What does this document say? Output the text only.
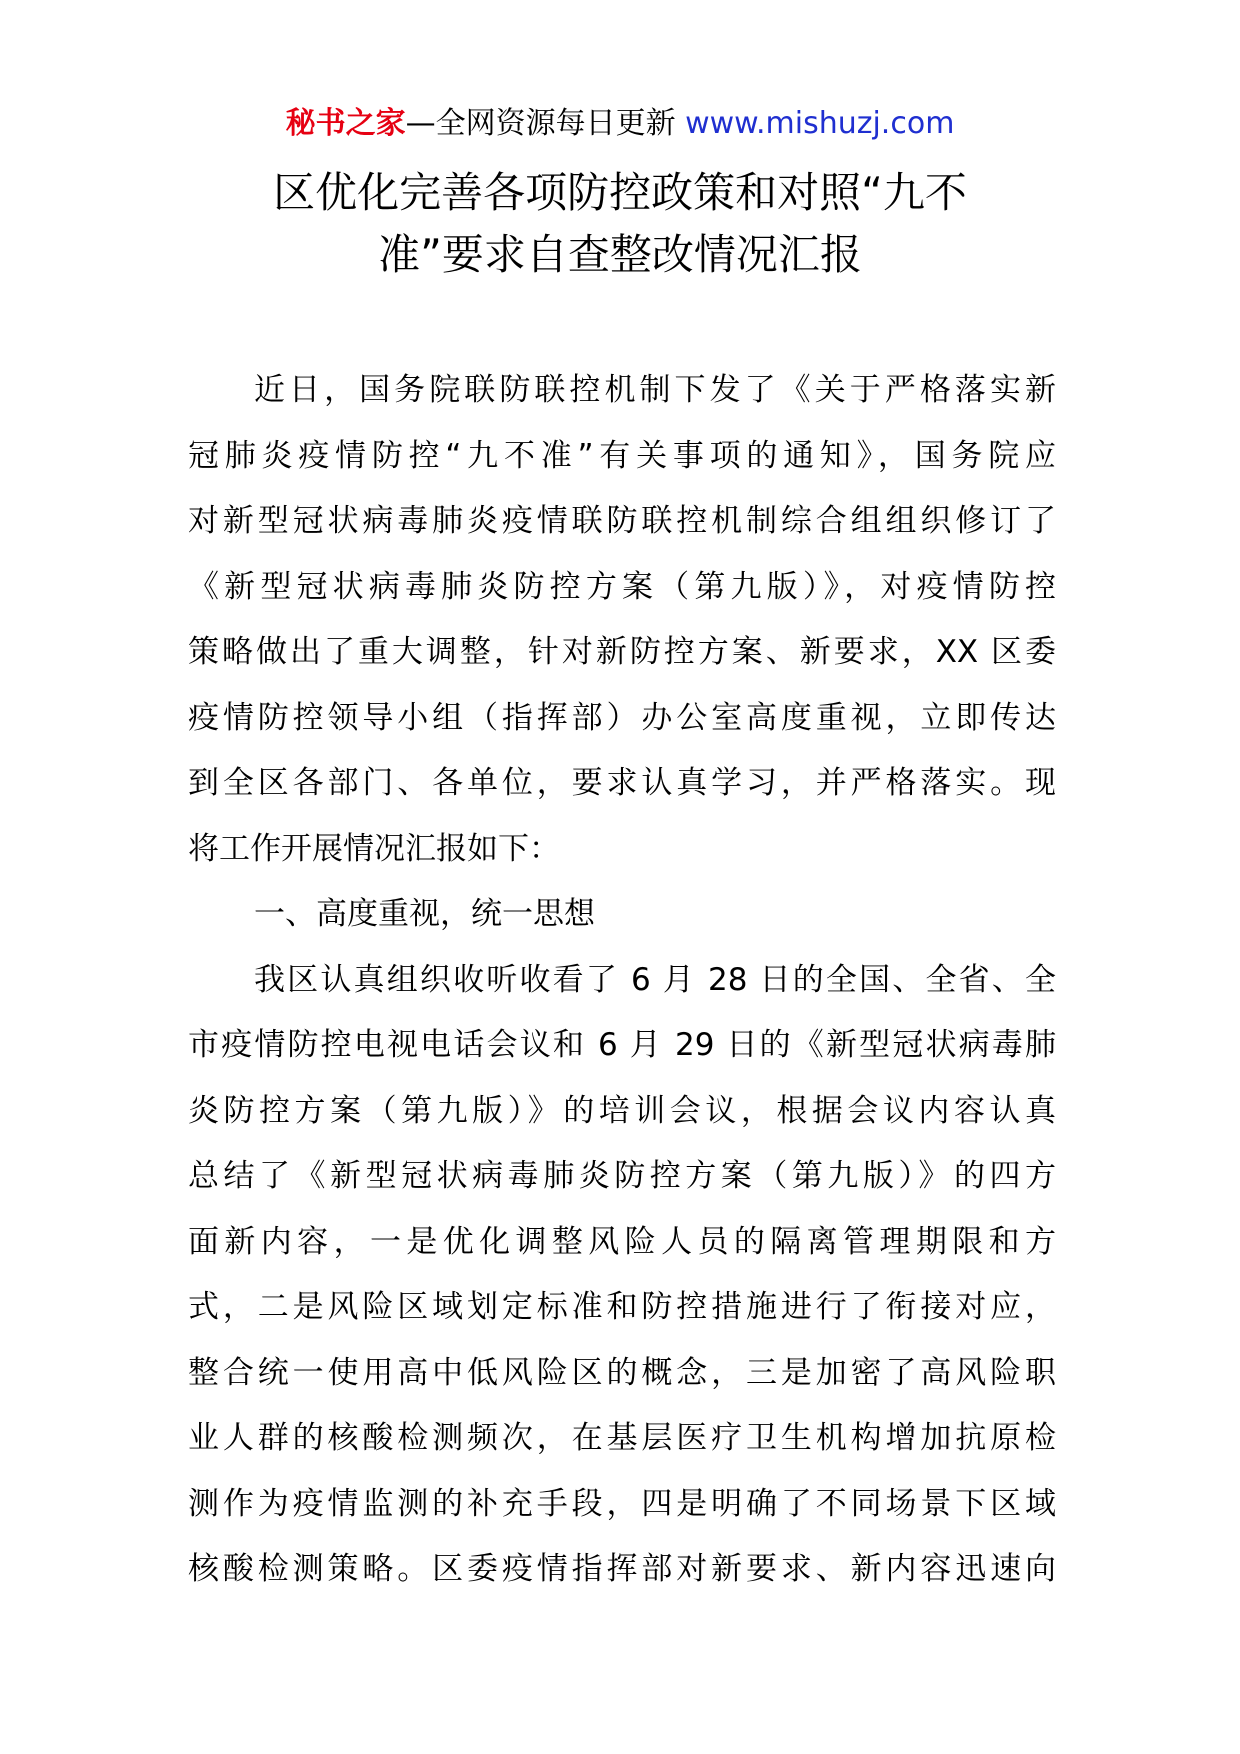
秘书之家—全网资源每日更新 www.mishuzj.com
区优化完善各项防控政策和对照“九不
准”要求自查整改情况汇报
近日，国务院联防联控机制下发了《关于严格落实新
冠肺炎疫情防控“九不准”有关事项的通知》，国务院应
对新型冠状病毒肺炎疫情联防联控机制综合组组织修订了
《新型冠状病毒肺炎防控方案（第九版）》，对疫情防控
策略做出了重大调整，针对新防控方案、新要求，XX 区委
疫情防控领导小组（指挥部）办公室高度重视，立即传达
到全区各部门、各单位，要求认真学习，并严格落实。现
将工作开展情况汇报如下：
一、高度重视，统一思想
我区认真组织收听收看了 6 月 28 日的全国、全省、全
市疫情防控电视电话会议和 6 月 29 日的《新型冠状病毒肺
炎防控方案（第九版）》的培训会议，根据会议内容认真
总结了《新型冠状病毒肺炎防控方案（第九版）》的四方
面新内容，一是优化调整风险人员的隔离管理期限和方
式，二是风险区域划定标准和防控措施进行了衔接对应，
整合统一使用高中低风险区的概念，三是加密了高风险职
业人群的核酸检测频次，在基层医疗卫生机构增加抗原检
测作为疫情监测的补充手段，四是明确了不同场景下区域
核酸检测策略。区委疫情指挥部对新要求、新内容迅速向
